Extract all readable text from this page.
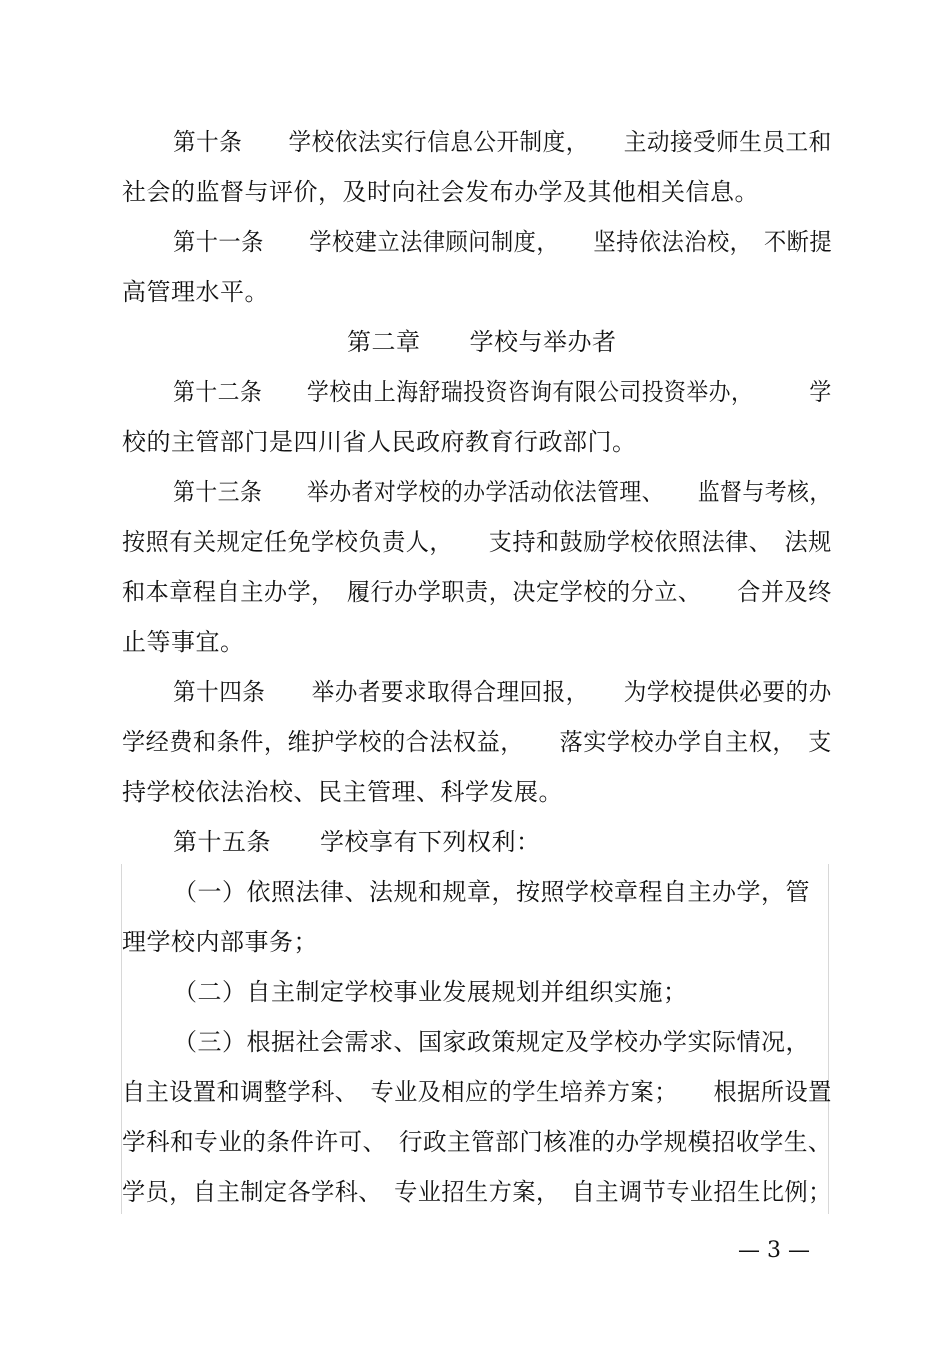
第十条　　学校依法实行信息公开制度，　　主动接受师生员工和
社会的监督与评价，及时向社会发布办学及其他相关信息。
第十一条　　学校建立法律顾问制度，　　坚持依法治校，　不断提
高管理水平。
第二章　　学校与举办者
第十二条　　学校由上海舒瑞投资咨询有限公司投资举办，　　　学
校的主管部门是四川省人民政府教育行政部门。
第十三条　　举办者对学校的办学活动依法管理、　　监督与考核，
按照有关规定任免学校负责人，　　支持和鼓励学校依照法律、　法规
和本章程自主办学，　履行办学职责，决定学校的分立、　　合并及终
止等事宜。
第十四条　　举办者要求取得合理回报，　　为学校提供必要的办
学经费和条件，维护学校的合法权益，　　落实学校办学自主权，　支
持学校依法治校、民主管理、科学发展。
第十五条　　学校享有下列权利：
（一）依照法律、法规和规章，按照学校章程自主办学，管
理学校内部事务；
（二）自主制定学校事业发展规划并组织实施；
（三）根据社会需求、国家政策规定及学校办学实际情况，
自主设置和调整学科、　专业及相应的学生培养方案；　　根据所设置
学科和专业的条件许可、　行政主管部门核准的办学规模招收学生、
学员，自主制定各学科、　专业招生方案，　自主调节专业招生比例；
— 3 —
